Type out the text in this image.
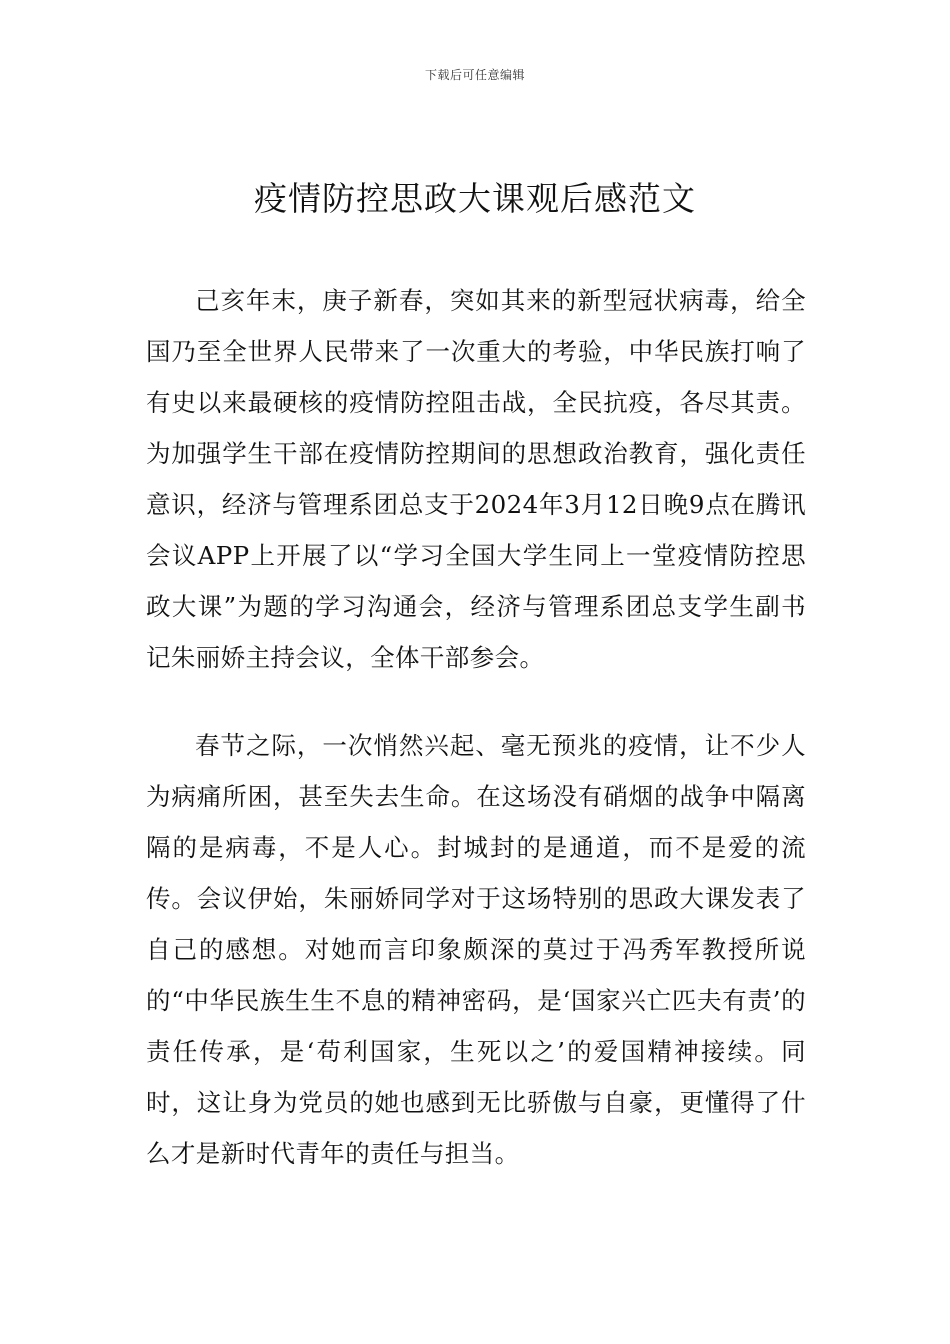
下载后可任意编辑
疫情防控思政大课观后感范文

己亥年末，庚子新春，突如其来的新型冠状病毒，给全国乃至全世界人民带来了一次重大的考验，中华民族打响了有史以来最硬核的疫情防控阻击战，全民抗疫，各尽其责。为加强学生干部在疫情防控期间的思想政治教育，强化责任意识，经济与管理系团总支于2024年3月12日晚9点在腾讯会议APP上开展了以“学习全国大学生同上一堂疫情防控思政大课”为题的学习沟通会，经济与管理系团总支学生副书记朱丽娇主持会议，全体干部参会。

春节之际，一次悄然兴起、毫无预兆的疫情，让不少人为病痛所困，甚至失去生命。在这场没有硝烟的战争中隔离隔的是病毒，不是人心。封城封的是通道，而不是爱的流传。会议伊始，朱丽娇同学对于这场特别的思政大课发表了自己的感想。对她而言印象颇深的莫过于冯秀军教授所说的“中华民族生生不息的精神密码，是‘国家兴亡匹夫有责’的责任传承，是‘苟利国家，生死以之’的爱国精神接续。同时，这让身为党员的她也感到无比骄傲与自豪，更懂得了什么才是新时代青年的责任与担当。
